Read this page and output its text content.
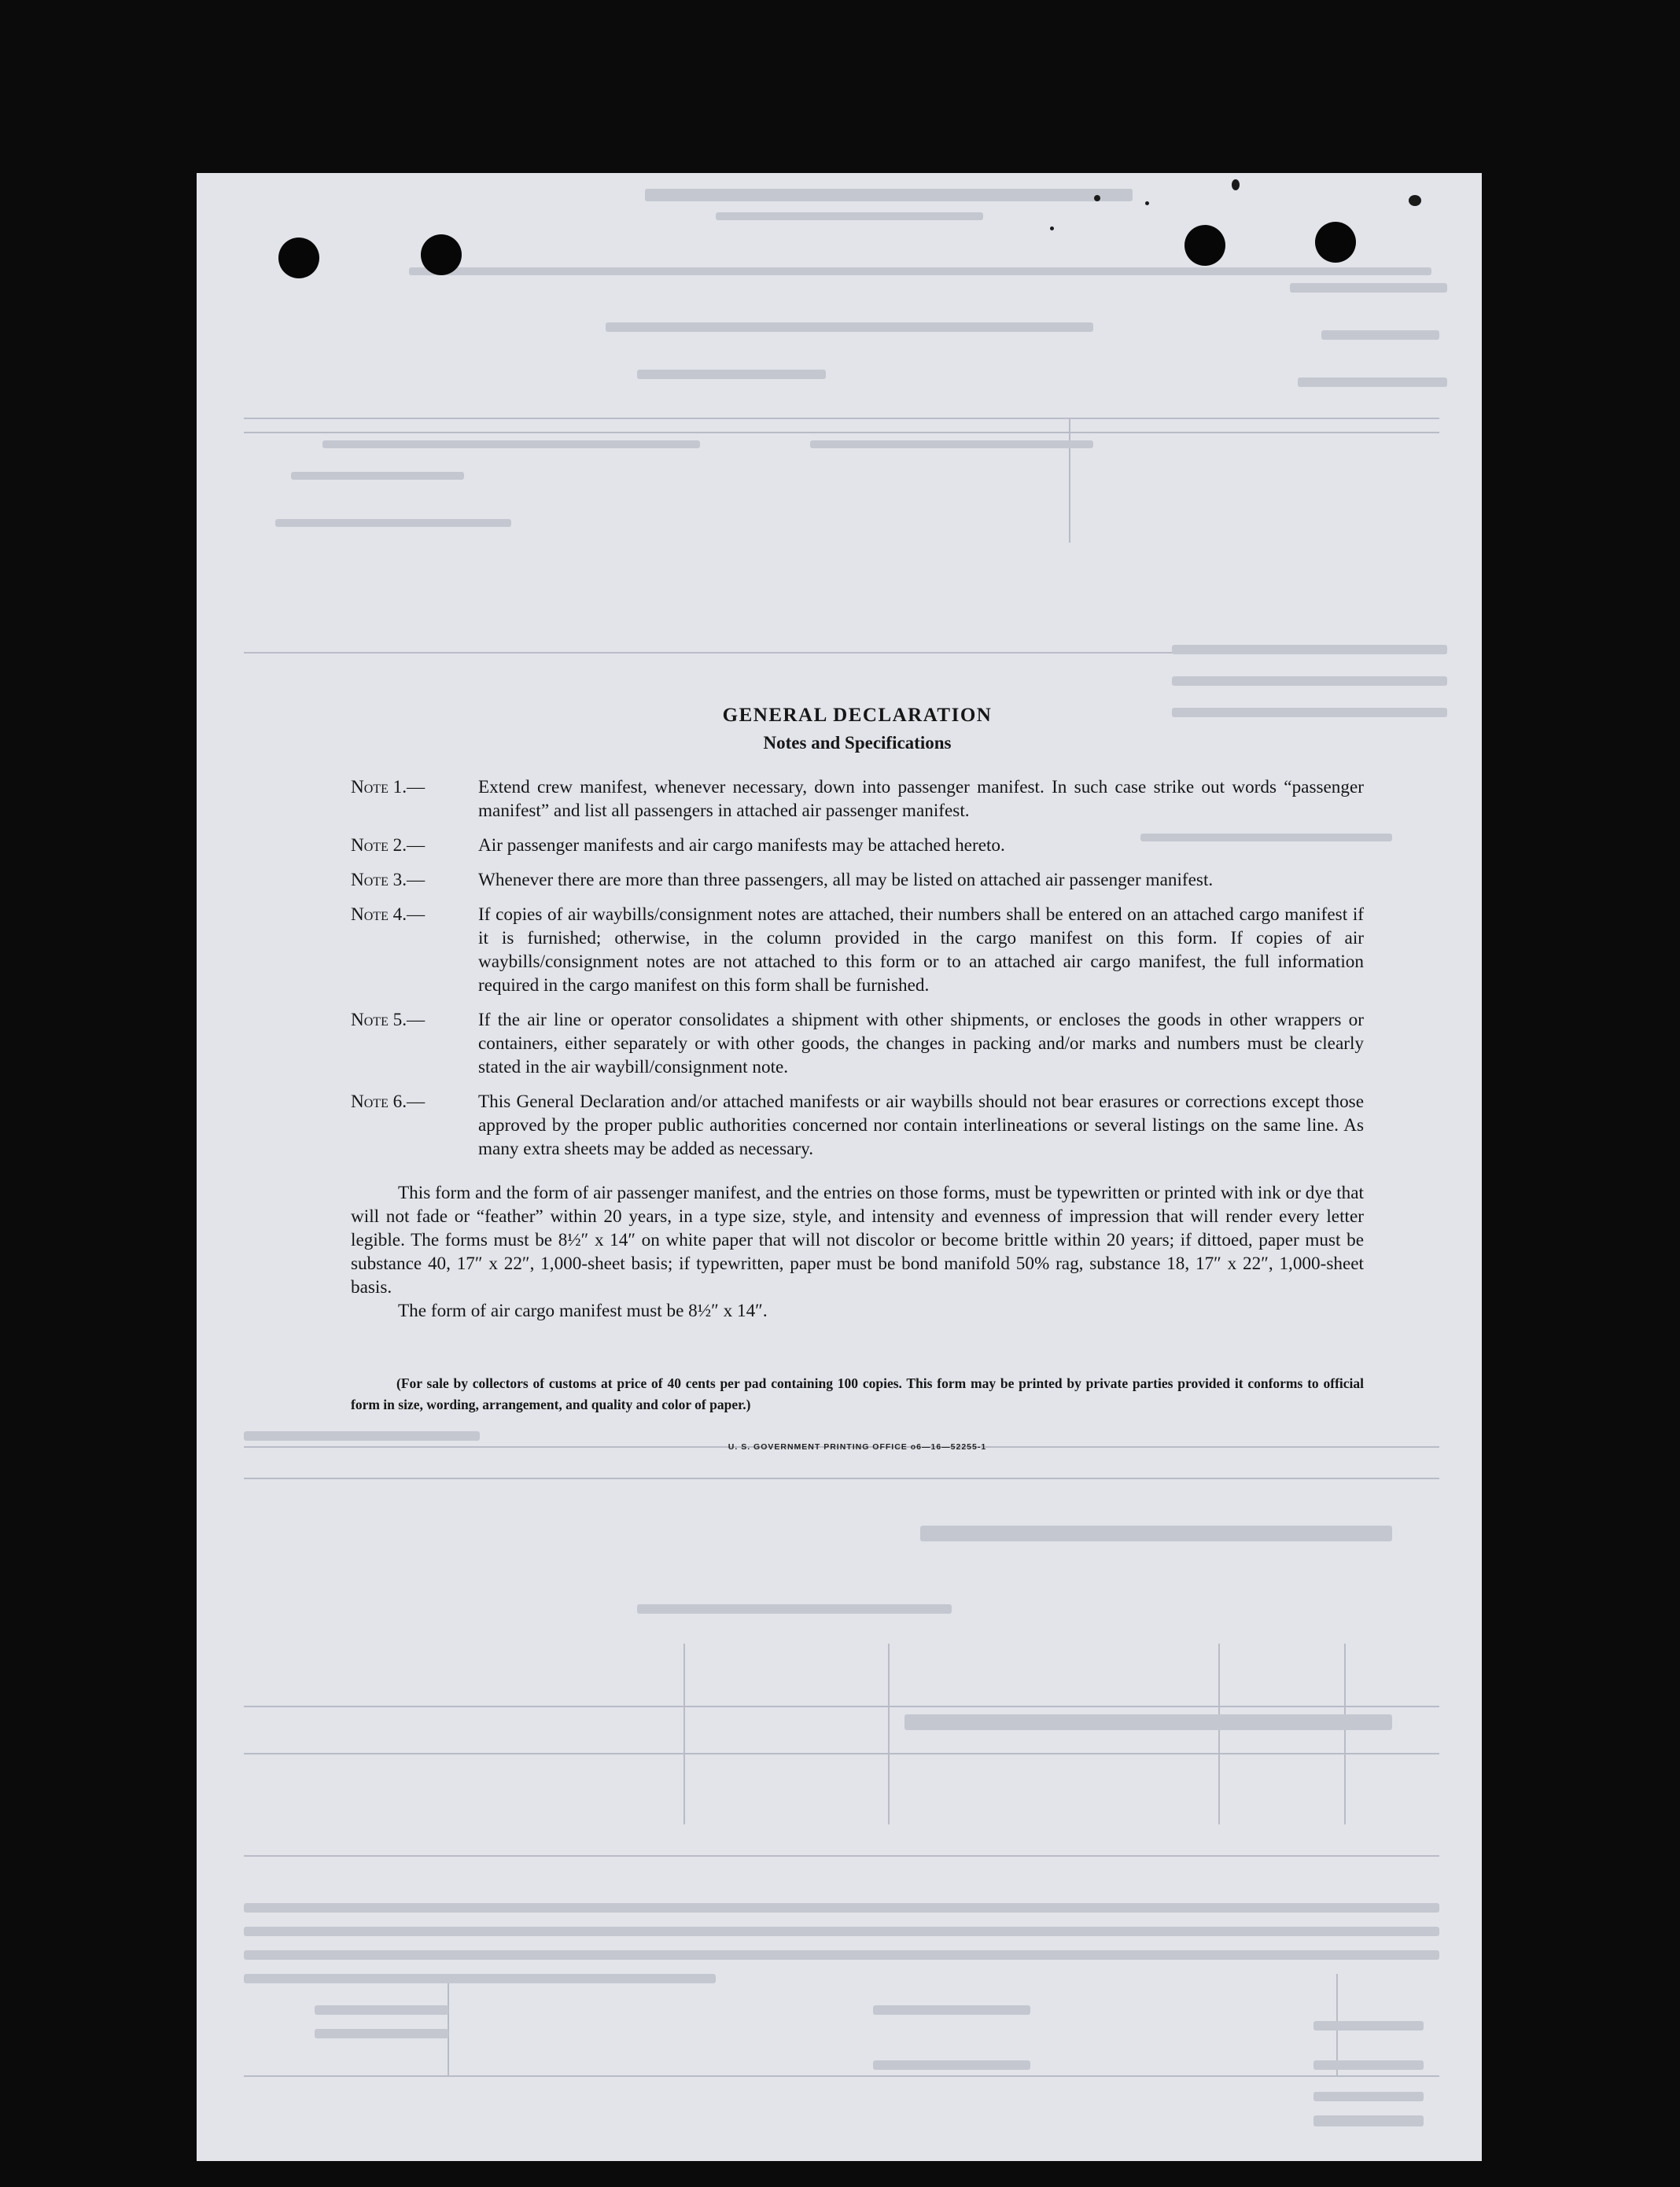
GENERAL DECLARATION
Notes and Specifications
Note 1.—	Extend crew manifest, whenever necessary, down into passenger manifest. In such case strike out words “passenger manifest” and list all passengers in attached air passenger manifest.
Note 2.—	Air passenger manifests and air cargo manifests may be attached hereto.
Note 3.—	Whenever there are more than three passengers, all may be listed on attached air passenger manifest.
Note 4.—	If copies of air waybills/consignment notes are attached, their numbers shall be entered on an attached cargo manifest if it is furnished; otherwise, in the column provided in the cargo manifest on this form. If copies of air waybills/consignment notes are not attached to this form or to an attached air cargo manifest, the full information required in the cargo manifest on this form shall be furnished.
Note 5.—	If the air line or operator consolidates a shipment with other shipments, or encloses the goods in other wrappers or containers, either separately or with other goods, the changes in packing and/or marks and numbers must be clearly stated in the air waybill/consignment note.
Note 6.—	This General Declaration and/or attached manifests or air waybills should not bear erasures or corrections except those approved by the proper public authorities concerned nor contain interlineations or several listings on the same line. As many extra sheets may be added as necessary.

This form and the form of air passenger manifest, and the entries on those forms, must be typewritten or printed with ink or dye that will not fade or “feather” within 20 years, in a type size, style, and intensity and evenness of impression that will render every letter legible. The forms must be 8½″ x 14″ on white paper that will not discolor or become brittle within 20 years; if dittoed, paper must be substance 40, 17″ x 22″, 1,000-sheet basis; if typewritten, paper must be bond manifold 50% rag, substance 18, 17″ x 22″, 1,000-sheet basis.

The form of air cargo manifest must be 8½″ x 14″.

(For sale by collectors of customs at price of 40 cents per pad containing 100 copies. This form may be printed by private parties provided it conforms to official form in size, wording, arrangement, and quality and color of paper.)

U. S. GOVERNMENT PRINTING OFFICE o6—16—52255-1
